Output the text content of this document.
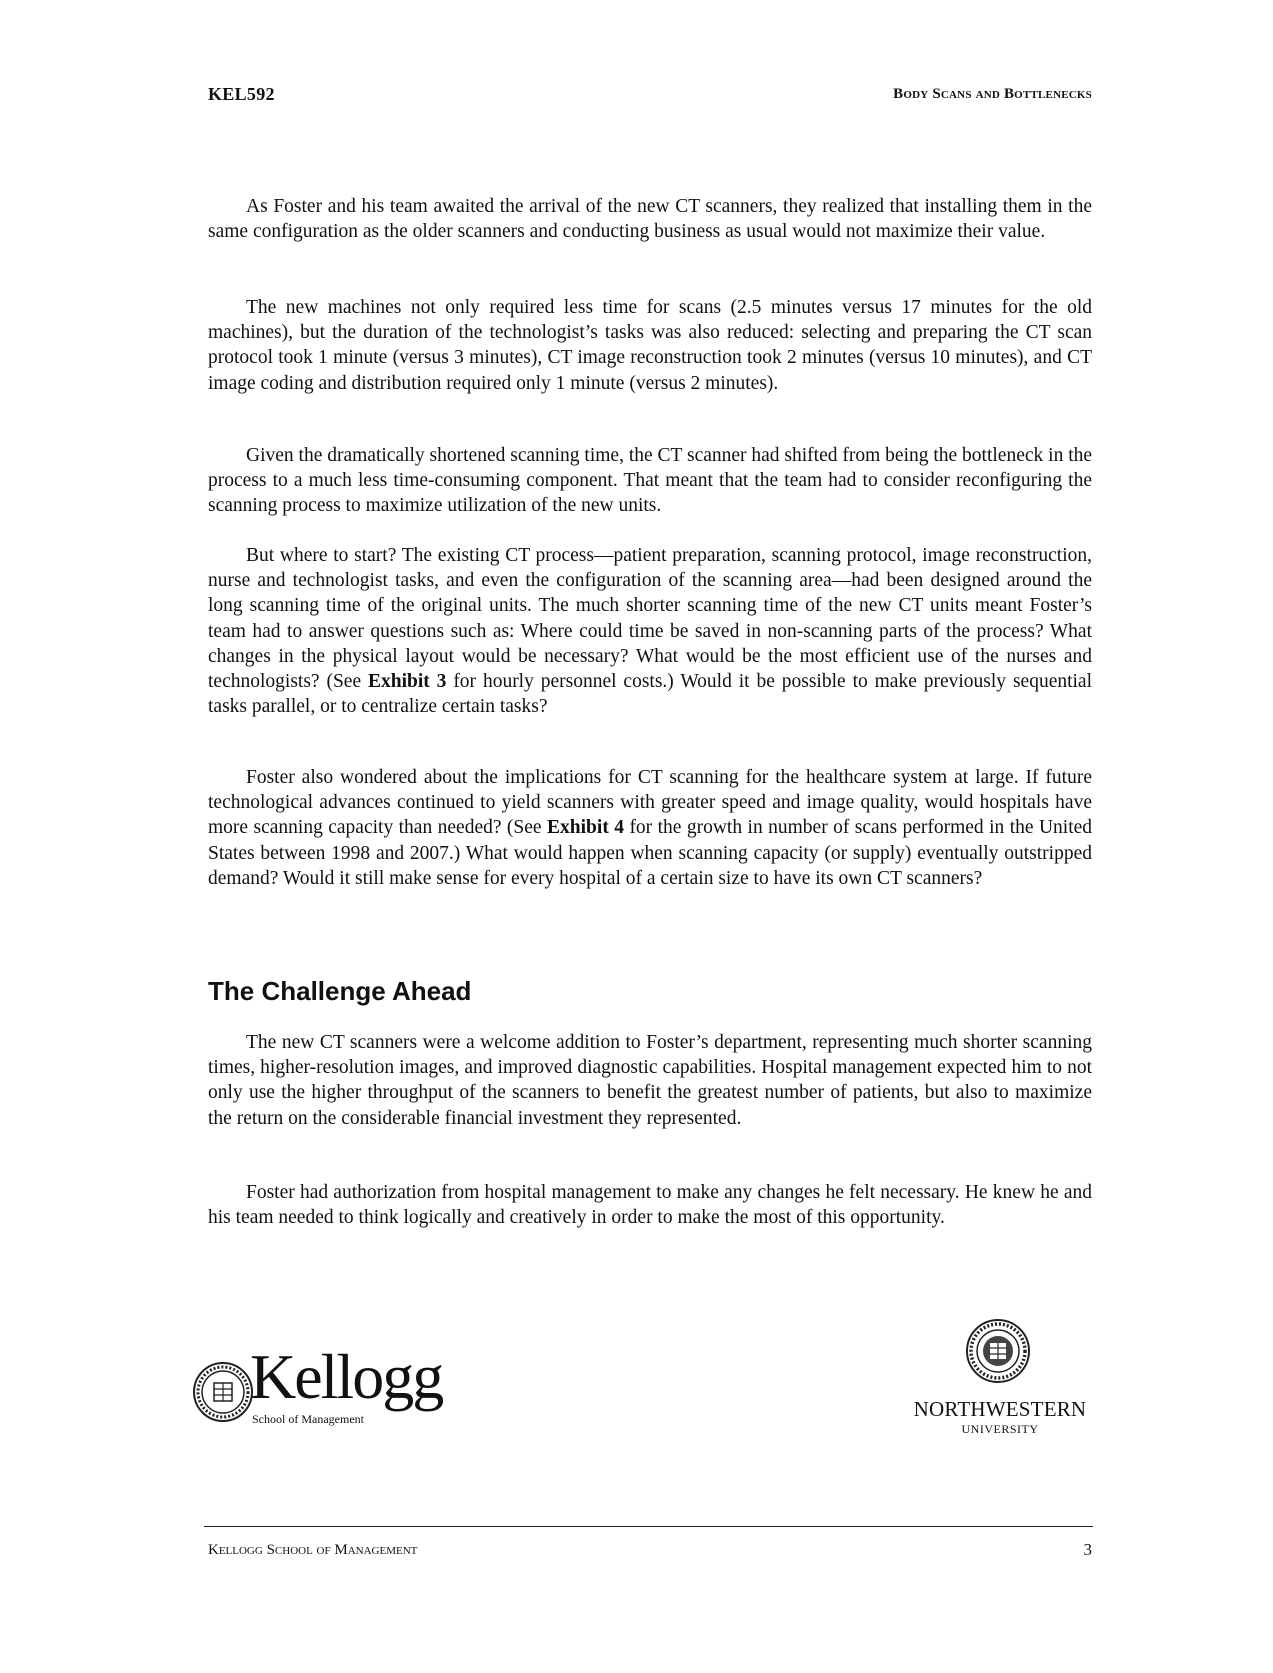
KEL592	Body Scans and Bottlenecks

As Foster and his team awaited the arrival of the new CT scanners, they realized that installing them in the same configuration as the older scanners and conducting business as usual would not maximize their value.

The new machines not only required less time for scans (2.5 minutes versus 17 minutes for the old machines), but the duration of the technologist’s tasks was also reduced: selecting and preparing the CT scan protocol took 1 minute (versus 3 minutes), CT image reconstruction took 2 minutes (versus 10 minutes), and CT image coding and distribution required only 1 minute (versus 2 minutes).

Given the dramatically shortened scanning time, the CT scanner had shifted from being the bottleneck in the process to a much less time-consuming component. That meant that the team had to consider reconfiguring the scanning process to maximize utilization of the new units.

But where to start? The existing CT process—patient preparation, scanning protocol, image reconstruction, nurse and technologist tasks, and even the configuration of the scanning area—had been designed around the long scanning time of the original units. The much shorter scanning time of the new CT units meant Foster’s team had to answer questions such as: Where could time be saved in non-scanning parts of the process? What changes in the physical layout would be necessary? What would be the most efficient use of the nurses and technologists? (See Exhibit 3 for hourly personnel costs.) Would it be possible to make previously sequential tasks parallel, or to centralize certain tasks?

Foster also wondered about the implications for CT scanning for the healthcare system at large. If future technological advances continued to yield scanners with greater speed and image quality, would hospitals have more scanning capacity than needed? (See Exhibit 4 for the growth in number of scans performed in the United States between 1998 and 2007.) What would happen when scanning capacity (or supply) eventually outstripped demand? Would it still make sense for every hospital of a certain size to have its own CT scanners?

The Challenge Ahead

The new CT scanners were a welcome addition to Foster’s department, representing much shorter scanning times, higher-resolution images, and improved diagnostic capabilities. Hospital management expected him to not only use the higher throughput of the scanners to benefit the greatest number of patients, but also to maximize the return on the considerable financial investment they represented.

Foster had authorization from hospital management to make any changes he felt necessary. He knew he and his team needed to think logically and creatively in order to make the most of this opportunity.

Kellogg
School of Management	NORTHWESTERN
UNIVERSITY
Kellogg School of Management	3
